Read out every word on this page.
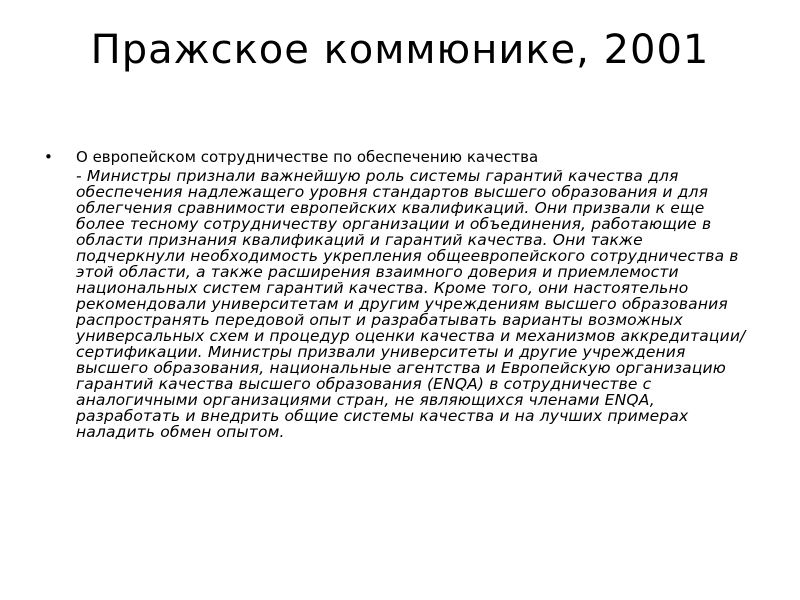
Пражское коммюнике, 2001
•	О европейском сотрудничестве по обеспечению качества
- Министры признали важнейшую роль системы гарантий качества для обеспечения надлежащего уровня стандартов высшего образования и для облегчения сравнимости европейских квалификаций. Они призвали к еще более тесному сотрудничеству организации и объединения, работающие в области признания квалификаций и гарантий качества. Они также подчеркнули необходимость укрепления общеевропейского сотрудничества в этой области, а также расширения взаимного доверия и приемлемости национальных систем гарантий качества. Кроме того, они настоятельно рекомендовали университетам и другим учреждениям высшего образования распространять передовой опыт и разрабатывать варианты возможных универсальных схем и процедур оценки качества и механизмов аккредитации/сертификации. Министры призвали университеты и другие учреждения высшего образования, национальные агентства и Европейскую организацию гарантий качества высшего образования (ENQA) в сотрудничестве с аналогичными организациями стран, не являющихся членами ENQA, разработать и внедрить общие системы качества и на лучших примерах наладить обмен опытом.
